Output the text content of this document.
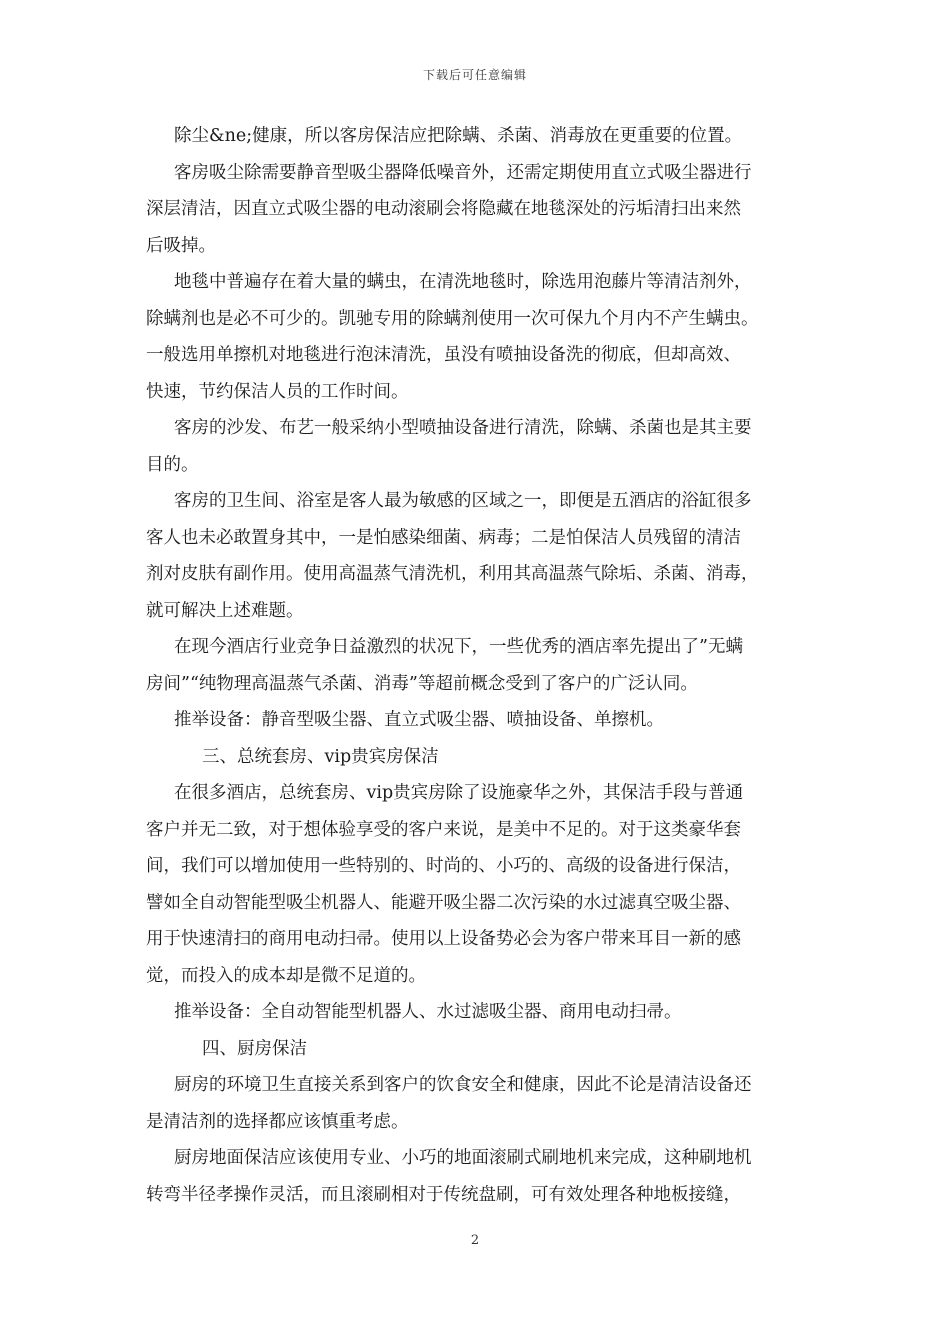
下载后可任意编辑
除尘&ne;健康，所以客房保洁应把除螨、杀菌、消毒放在更重要的位置。
客房吸尘除需要静音型吸尘器降低噪音外，还需定期使用直立式吸尘器进行
深层清洁，因直立式吸尘器的电动滚刷会将隐藏在地毯深处的污垢清扫出来然
后吸掉。
地毯中普遍存在着大量的螨虫，在清洗地毯时，除选用泡藤片等清洁剂外，
除螨剂也是必不可少的。凯驰专用的除螨剂使用一次可保九个月内不产生螨虫。
一般选用单擦机对地毯进行泡沫清洗，虽没有喷抽设备洗的彻底，但却高效、
快速，节约保洁人员的工作时间。
客房的沙发、布艺一般采纳小型喷抽设备进行清洗，除螨、杀菌也是其主要
目的。
客房的卫生间、浴室是客人最为敏感的区域之一，即便是五酒店的浴缸很多
客人也未必敢置身其中，一是怕感染细菌、病毒；二是怕保洁人员残留的清洁
剂对皮肤有副作用。使用高温蒸气清洗机，利用其高温蒸气除垢、杀菌、消毒，
就可解决上述难题。
在现今酒店行业竞争日益激烈的状况下，一些优秀的酒店率先提出了”无螨
房间”“纯物理高温蒸气杀菌、消毒”等超前概念受到了客户的广泛认同。
推举设备：静音型吸尘器、直立式吸尘器、喷抽设备、单擦机。
三、总统套房、vip贵宾房保洁
在很多酒店，总统套房、vip贵宾房除了设施豪华之外，其保洁手段与普通
客户并无二致，对于想体验享受的客户来说，是美中不足的。对于这类豪华套
间，我们可以增加使用一些特别的、时尚的、小巧的、高级的设备进行保洁，
譬如全自动智能型吸尘机器人、能避开吸尘器二次污染的水过滤真空吸尘器、
用于快速清扫的商用电动扫帚。使用以上设备势必会为客户带来耳目一新的感
觉，而投入的成本却是微不足道的。
推举设备：全自动智能型机器人、水过滤吸尘器、商用电动扫帚。
四、厨房保洁
厨房的环境卫生直接关系到客户的饮食安全和健康，因此不论是清洁设备还
是清洁剂的选择都应该慎重考虑。
厨房地面保洁应该使用专业、小巧的地面滚刷式刷地机来完成，这种刷地机
转弯半径孝操作灵活，而且滚刷相对于传统盘刷，可有效处理各种地板接缝，
2
